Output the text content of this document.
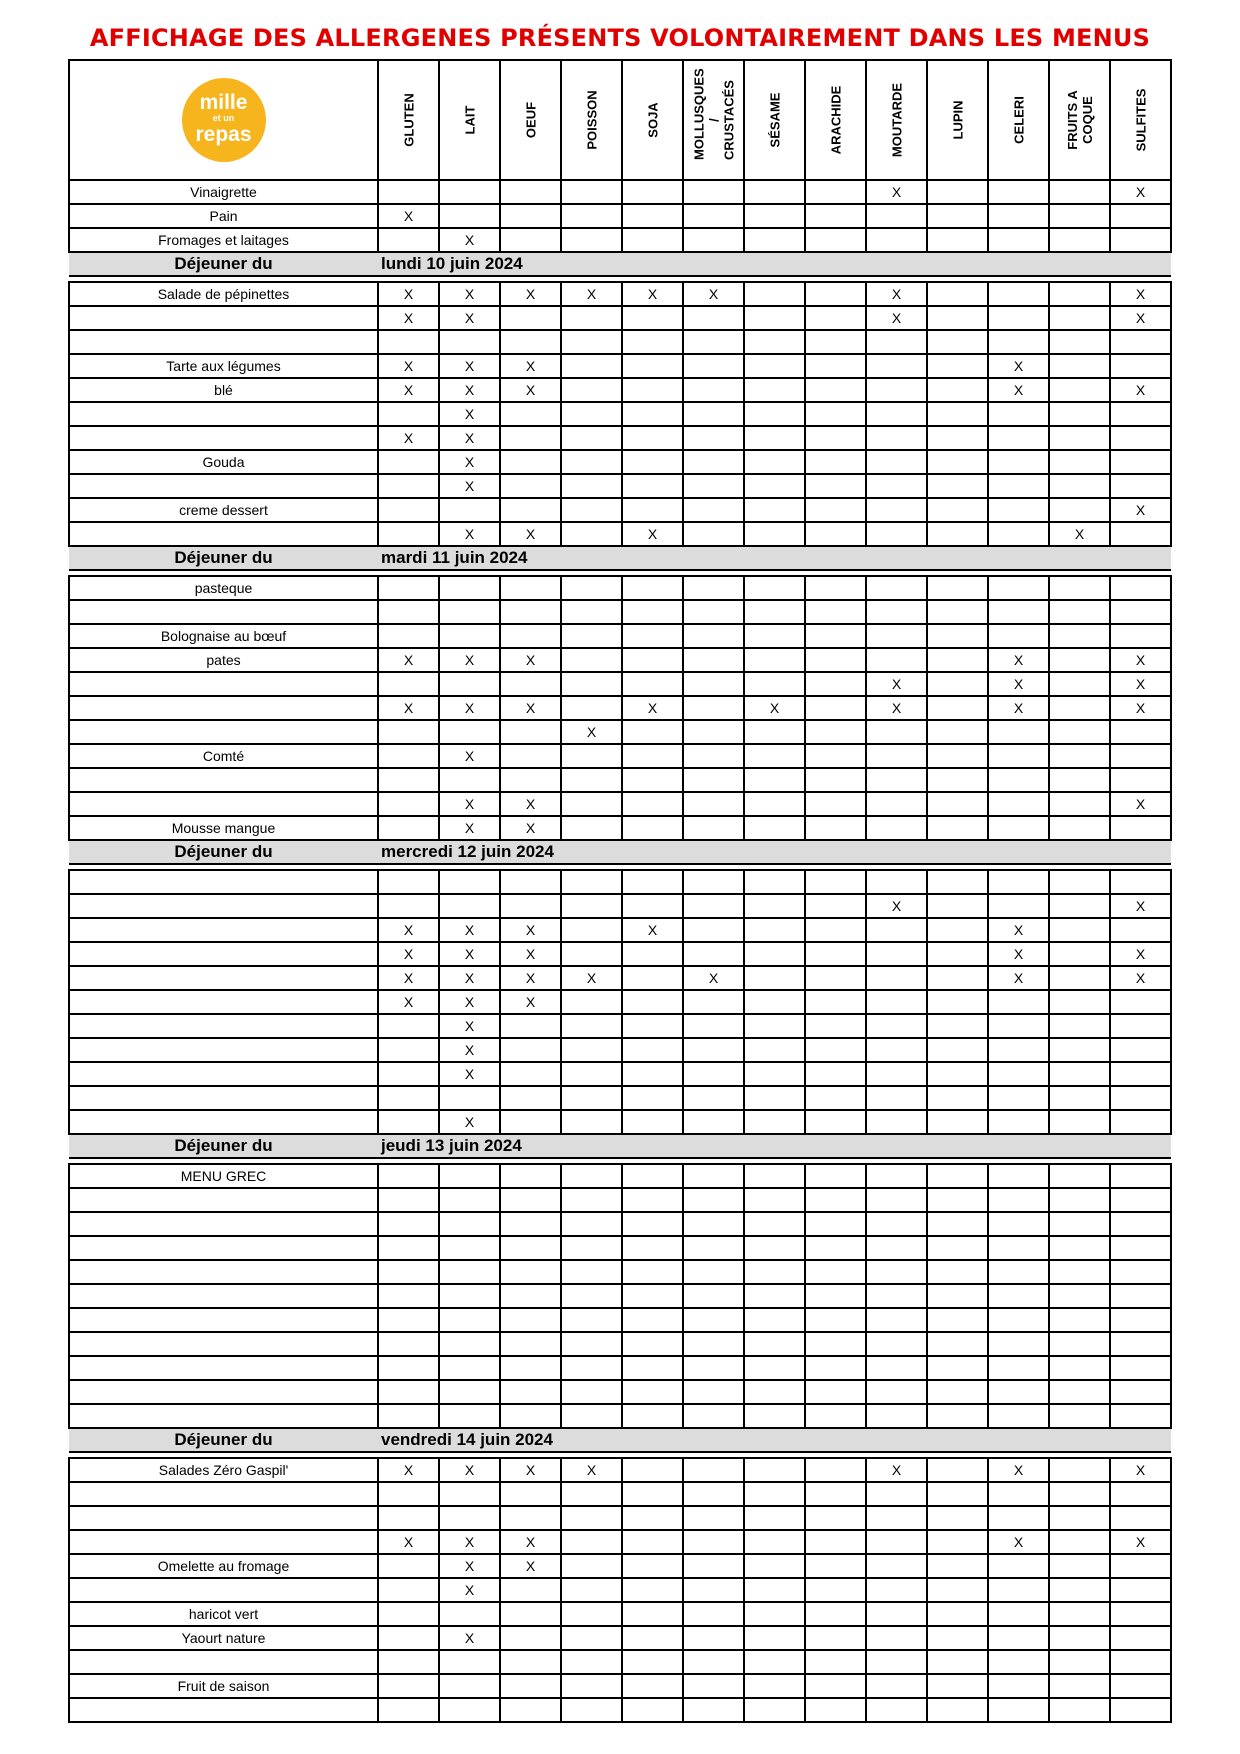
AFFICHAGE DES ALLERGENES PRÉSENTS VOLONTAIREMENT DANS LES MENUS
mille
et un
repas	GLUTEN	LAIT	OEUF	POISSON	SOJA	MOLLUSQUES / CRUSTACÉS	SÉSAME	ARACHIDE	MOUTARDE	LUPIN	CELERI	FRUITS A COQUE	SULFITES

Vinaigrette									X				X
Pain	X												
Fromages et laitages		X											
Déjeuner du	lundi 10 juin 2024												

Salade de pépinettes	X	X	X	X	X	X			X				X
	X	X							X				X

Tarte aux légumes	X	X	X								X		
blé	X	X	X								X		X
		X											
	X	X											
Gouda		X											
		X											
creme dessert													X
		X	X		X							X	
Déjeuner du	mardi 11 juin 2024												

pasteque													

Bolognaise au bœuf													
pates	X	X	X								X		X
									X		X		X
	X	X	X		X		X		X		X		X
				X									
Comté		X											

		X	X										X
Mousse mangue		X	X										
Déjeuner du	mercredi 12 juin 2024												

									X				X
	X	X	X		X						X		
	X	X	X								X		X
	X	X	X	X		X					X		X
	X	X	X										
		X											
		X											
		X											

		X											
Déjeuner du	jeudi 13 juin 2024												

MENU GREC													

Déjeuner du	vendredi 14 juin 2024												

Salades Zéro Gaspil'	X	X	X	X					X		X		X

	X	X	X								X		X
Omelette au fromage		X	X										
		X											
haricot vert													
Yaourt nature		X											

Fruit de saison													
